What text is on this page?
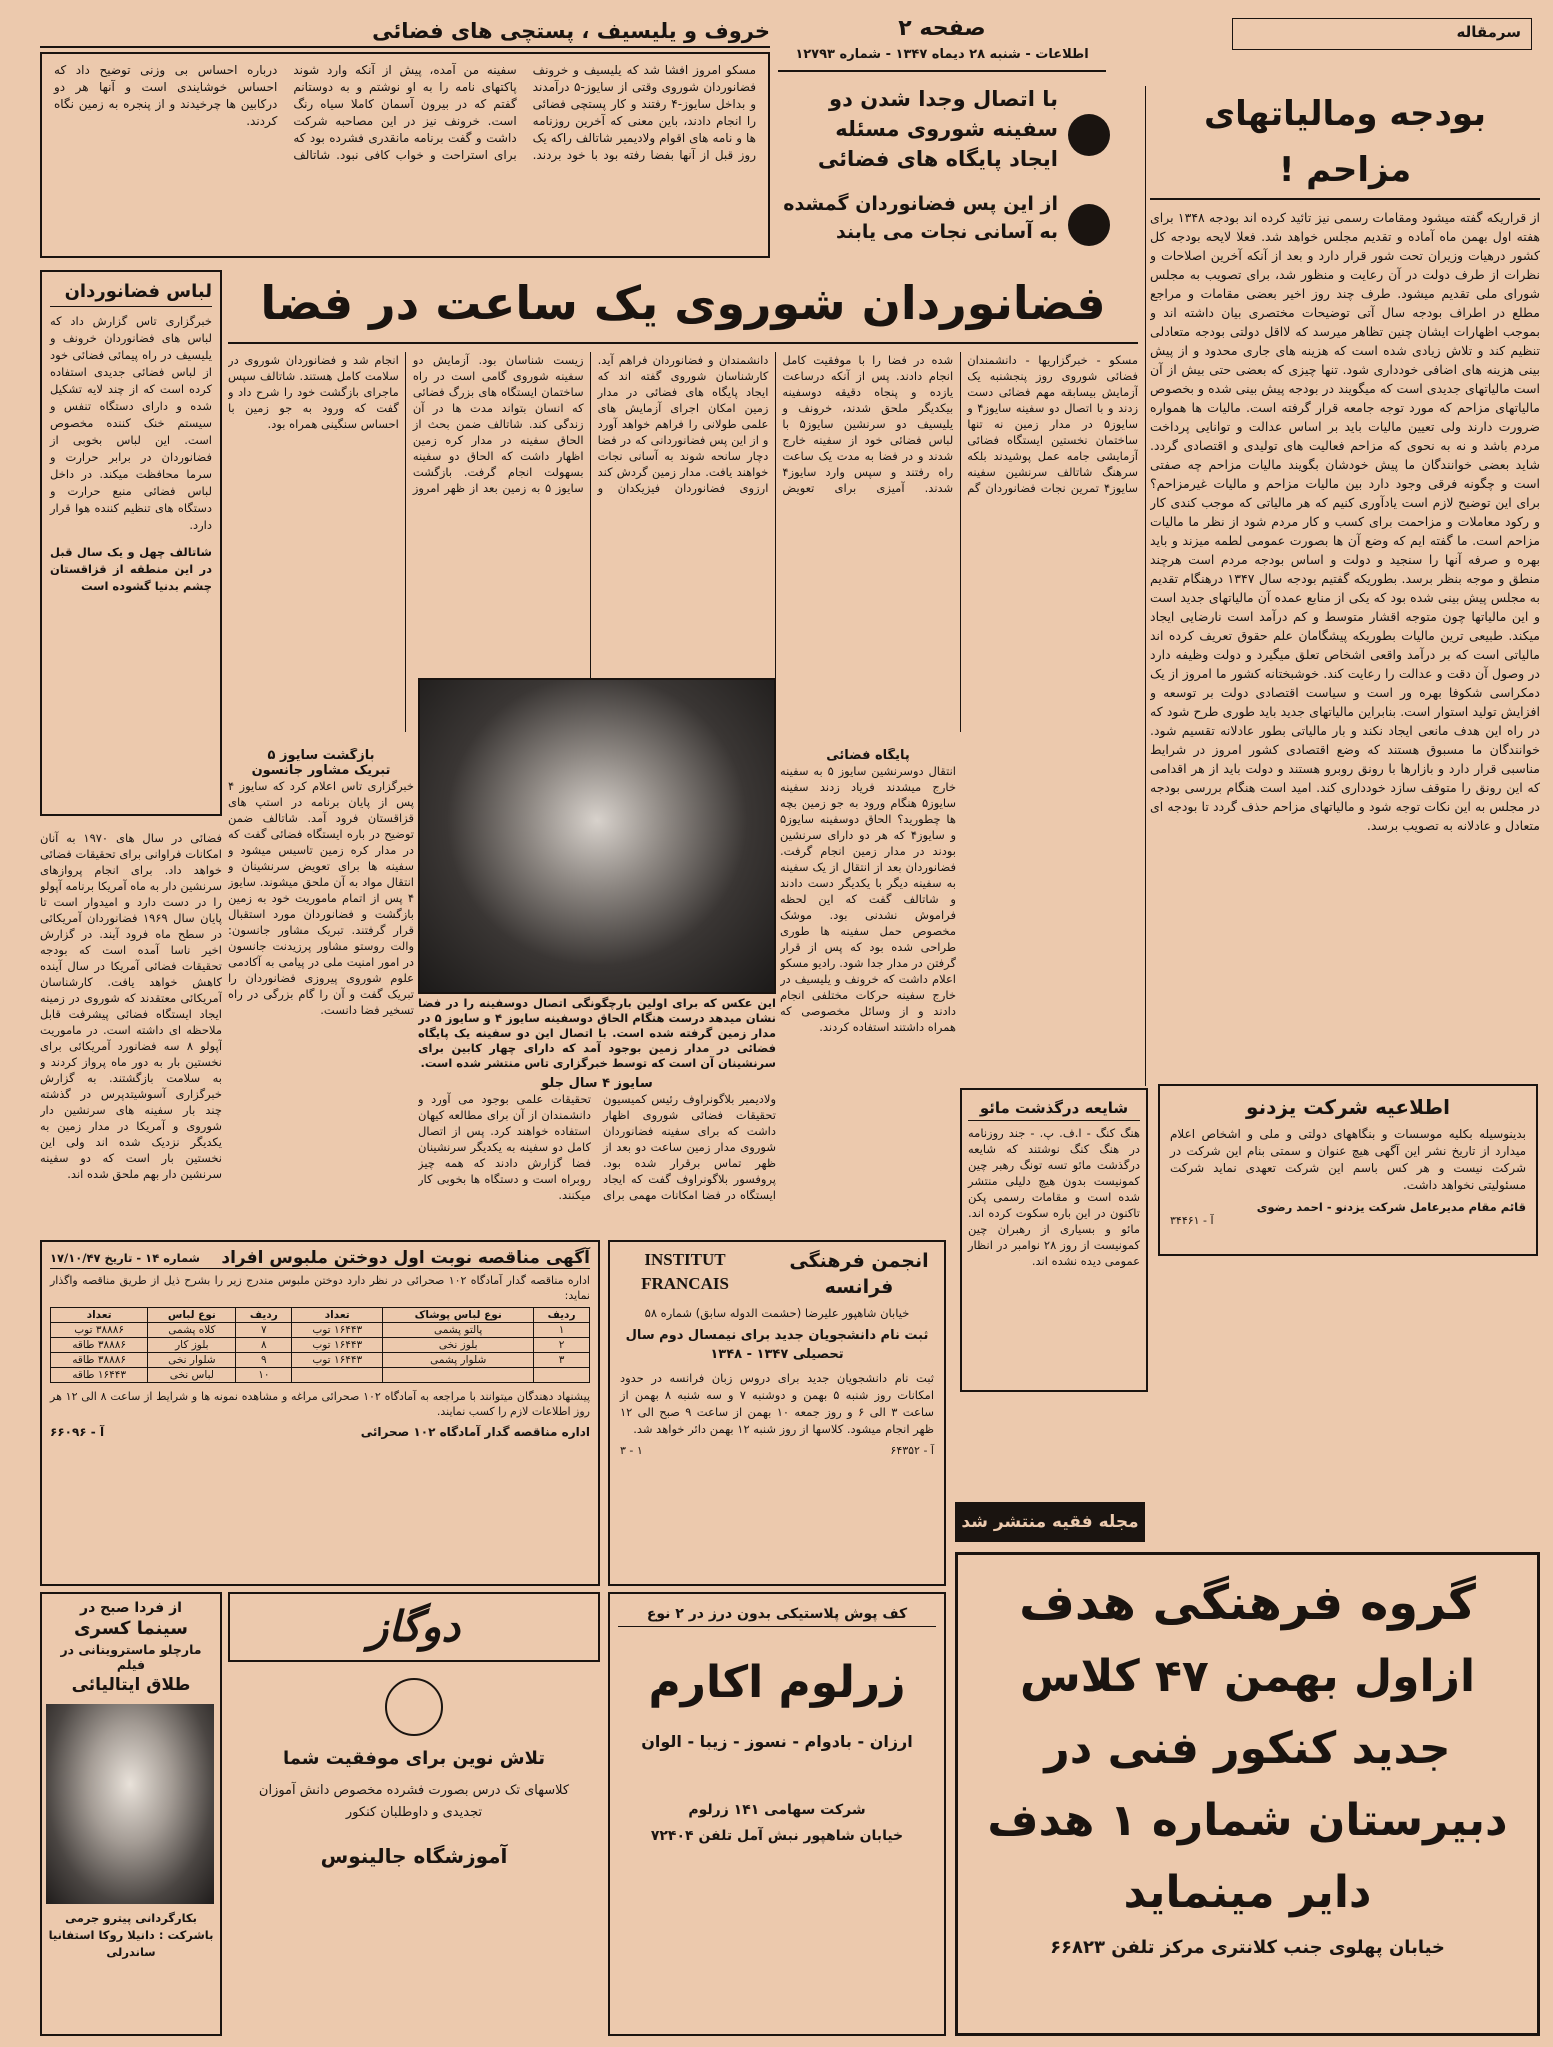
صفحه ۲
اطلاعات - شنبه ۲۸ دیماه ۱۳۴۷ - شماره ۱۲۷۹۳
سرمقاله
بودجه ومالیاتهای مزاحم !
از قراریکه گفته میشود ومقامات رسمی نیز تائید کرده اند بودجه ۱۳۴۸ برای هفته اول بهمن ماه آماده و تقدیم مجلس خواهد شد. فعلا لایحه بودجه کل کشور درهیات وزیران تحت شور قرار دارد و بعد از آنکه آخرین اصلاحات و نظرات از طرف دولت در آن رعایت و منظور شد، برای تصویب به مجلس شورای ملی تقدیم میشود. طرف چند روز اخیر بعضی مقامات و مراجع مطلع در اطراف بودجه سال آتی توضیحات مختصری بیان داشته اند و بموجب اظهارات ایشان چنین تظاهر میرسد که لااقل دولتی بودجه متعادلی تنظیم کند و تلاش زیادی شده است که هزینه های جاری محدود و از پیش بینی هزینه های اضافی خودداری شود. تنها چیزی که بعضی حتی بیش از آن است مالیاتهای جدیدی است که میگویند در بودجه پیش بینی شده و بخصوص مالیاتهای مزاحم که مورد توجه جامعه قرار گرفته است. مالیات ها همواره ضرورت دارند ولی تعیین مالیات باید بر اساس عدالت و توانایی پرداخت مردم باشد و نه به نحوی که مزاحم فعالیت های تولیدی و اقتصادی گردد. شاید بعضی خوانندگان ما پیش خودشان بگویند مالیات مزاحم چه صفتی است و چگونه فرقی وجود دارد بین مالیات مزاحم و مالیات غیرمزاحم؟ برای این توضیح لازم است یادآوری کنیم که هر مالیاتی که موجب کندی کار و رکود معاملات و مزاحمت برای کسب و کار مردم شود از نظر ما مالیات مزاحم است. ما گفته ایم که وضع آن ها بصورت عمومی لطمه میزند و باید بهره و صرفه آنها را سنجید و دولت و اساس بودجه مردم است هرچند منطق و موجه بنظر برسد. بطوریکه گفتیم بودجه سال ۱۳۴۷ درهنگام تقدیم به مجلس پیش بینی شده بود که یکی از منابع عمده آن مالیاتهای جدید است و این مالیاتها چون متوجه اقشار متوسط و کم درآمد است نارضایی ایجاد میکند. طبیعی ترین مالیات بطوریکه پیشگامان علم حقوق تعریف کرده اند مالیاتی است که بر درآمد واقعی اشخاص تعلق میگیرد و دولت وظیفه دارد در وصول آن دقت و عدالت را رعایت کند. خوشبختانه کشور ما امروز از یک دمکراسی شکوفا بهره ور است و سیاست اقتصادی دولت بر توسعه و افزایش تولید استوار است. بنابراین مالیاتهای جدید باید طوری طرح شود که در راه این هدف مانعی ایجاد نکند و بار مالیاتی بطور عادلانه تقسیم شود. خوانندگان ما مسبوق هستند که وضع اقتصادی کشور امروز در شرایط مناسبی قرار دارد و بازارها با رونق روبرو هستند و دولت باید از هر اقدامی که این رونق را متوقف سازد خودداری کند. امید است هنگام بررسی بودجه در مجلس به این نکات توجه شود و مالیاتهای مزاحم حذف گردد تا بودجه ای متعادل و عادلانه به تصویب برسد.
اطلاعیه شرکت یزدنو
بدینوسیله بکلیه موسسات و بنگاههای دولتی و ملی و اشخاص اعلام میدارد از تاریخ نشر این آگهی هیچ عنوان و سمتی بنام این شرکت در شرکت نیست و هر کس باسم این شرکت تعهدی نماید شرکت مسئولیتی نخواهد داشت.
قائم مقام مدیرعامل شرکت یزدنو - احمد رضوی
آ - ۳۴۴۶۱
مجله فقیه منتشر شد
خروف و یلیسیف ، پستچی های فضائی
مسکو امروز افشا شد که یلیسیف و خرونف فضانوردان شوروی وقتی از سایوز-۵ درآمدند و بداخل سایوز-۴ رفتند و کار پستچی فضائی را انجام دادند، باین معنی که آخرین روزنامه ها و نامه های اقوام ولادیمیر شاتالف راکه یک روز قبل از آنها بفضا رفته بود با خود بردند. سفینه من آمده، پیش از آنکه وارد شوند پاکتهای نامه را به او نوشتم و به دوستانم گفتم که در بیرون آسمان کاملا سیاه رنگ است. خرونف نیز در این مصاحبه شرکت داشت و گفت برنامه مانقدری فشرده بود که برای استراحت و خواب کافی نبود. شاتالف درباره احساس بی وزنی توضیح داد که احساس خوشایندی است و آنها هر دو درکابین ها چرخیدند و از پنجره به زمین نگاه کردند.
با اتصال وجدا شدن دو سفینه شوروی مسئله ایجاد پایگاه های فضائی
از این پس فضانوردان گمشده به آسانی نجات می یابند
لباس فضانوردان
خبرگزاری تاس گزارش داد که لباس های فضانوردان خرونف و یلیسیف در راه پیمائی فضائی خود از لباس فضائی جدیدی استفاده کرده است که از چند لایه تشکیل شده و دارای دستگاه تنفس و سیستم خنک کننده مخصوص است. این لباس بخوبی از فضانوردان در برابر حرارت و سرما محافظت میکند. در داخل لباس فضائی منبع حرارت و دستگاه های تنظیم کننده هوا قرار دارد.
شاتالف چهل و یک سال قبل در این منطقه از قزاقستان چشم بدنیا گشوده است
فضانوردان شوروی یک ساعت در فضا
مسکو - خبرگزاریها - دانشمندان فضائی شوروی روز پنجشنبه یک آزمایش بیسابقه مهم فضائی دست زدند و با اتصال دو سفینه سایوز۴ و سایوز۵ در مدار زمین نه تنها ساختمان نخستین ایستگاه فضائی آزمایشی جامه عمل پوشیدند بلکه سرهنگ شاتالف سرنشین سفینه سایوز۴ تمرین نجات فضانوردان گم شده در فضا را با موفقیت کامل انجام دادند. پس از آنکه درساعت یازده و پنجاه دقیقه دوسفینه بیکدیگر ملحق شدند، خرونف و یلیسیف دو سرنشین سایوز۵ با لباس فضائی خود از سفینه خارج شدند و در فضا به مدت یک ساعت راه رفتند و سپس وارد سایوز۴ شدند. آمیزی برای تعویض دانشمندان و فضانوردان فراهم آید. کارشناسان شوروی گفته اند که ایجاد پایگاه های فضائی در مدار زمین امکان اجرای آزمایش های علمی طولانی را فراهم خواهد آورد و از این پس فضانوردانی که در فضا دچار سانحه شوند به آسانی نجات خواهند یافت. مدار زمین گردش کند ارزوی فضانوردان فیزیکدان و زیست شناسان بود. آزمایش دو سفینه شوروی گامی است در راه ساختمان ایستگاه های بزرگ فضائی که انسان بتواند مدت ها در آن زندگی کند. شاتالف ضمن بحث از الحاق سفینه در مدار کره زمین اظهار داشت که الحاق دو سفینه بسهولت انجام گرفت. بازگشت سایوز ۵ به زمین بعد از ظهر امروز انجام شد و فضانوردان شوروی در سلامت کامل هستند. شاتالف سپس ماجرای بازگشت خود را شرح داد و گفت که ورود به جو زمین با احساس سنگینی همراه بود.
این عکس که برای اولین بارچگونگی اتصال دوسفینه را در فضا نشان میدهد درست هنگام الحاق دوسفینه سایوز ۴ و سایوز ۵ در مدار زمین گرفته شده است. با اتصال این دو سفینه یک پایگاه فضائی در مدار زمین بوجود آمد که دارای چهار کابین برای سرنشینان آن است که توسط خبرگزاری تاس منتشر شده است.
پایگاه فضائی
انتقال دوسرنشین سایوز ۵ به سفینه خارج میشدند فریاد زدند سفینه سایوز۵ هنگام ورود به جو زمین بچه ها چطورید؟ الحاق دوسفینه سایوز۵ و سایوز۴ که هر دو دارای سرنشین بودند در مدار زمین انجام گرفت. فضانوردان بعد از انتقال از یک سفینه به سفینه دیگر با یکدیگر دست دادند و شاتالف گفت که این لحظه فراموش نشدنی بود. موشک مخصوص حمل سفینه ها طوری طراحی شده بود که پس از قرار گرفتن در مدار جدا شود. رادیو مسکو اعلام داشت که خرونف و یلیسیف در خارج سفینه حرکات مختلفی انجام دادند و از وسائل مخصوصی که همراه داشتند استفاده کردند.
بازگشت سایوز ۵
تبریک مشاور جانسون
خبرگزاری تاس اعلام کرد که سایوز ۴ پس از پایان برنامه در استپ های قزاقستان فرود آمد. شاتالف ضمن توضیح در باره ایستگاه فضائی گفت که در مدار کره زمین تاسیس میشود و سفینه ها برای تعویض سرنشینان و انتقال مواد به آن ملحق میشوند. سایوز ۴ پس از اتمام ماموریت خود به زمین بازگشت و فضانوردان مورد استقبال قرار گرفتند. تبریک مشاور جانسون: والت روستو مشاور پرزیدنت جانسون در امور امنیت ملی در پیامی به آکادمی علوم شوروی پیروزی فضانوردان را تبریک گفت و آن را گام بزرگی در راه تسخیر فضا دانست.
سایوز ۴ سال جلو
ولادیمیر بلاگونراوف رئیس کمیسیون تحقیقات فضائی شوروی اظهار داشت که برای سفینه فضانوردان شوروی مدار زمین ساعت دو بعد از ظهر تماس برقرار شده بود. پروفسور بلاگونراوف گفت که ایجاد ایستگاه در فضا امکانات مهمی برای تحقیقات علمی بوجود می آورد و دانشمندان از آن برای مطالعه کیهان استفاده خواهند کرد. پس از اتصال کامل دو سفینه به یکدیگر سرنشینان فضا گزارش دادند که همه چیز روبراه است و دستگاه ها بخوبی کار میکنند.
شایعه درگذشت مائو
هنگ کنگ - ا.ف. پ. - جند روزنامه در هنگ کنگ نوشتند که شایعه درگذشت مائو تسه تونگ رهبر چین کمونیست بدون هیچ دلیلی منتشر شده است و مقامات رسمی پکن تاکنون در این باره سکوت کرده اند. مائو و بسیاری از رهبران چین کمونیست از روز ۲۸ نوامبر در انظار عمومی دیده نشده اند.
فضائی در سال های ۱۹۷۰ به آنان امکانات فراوانی برای تحقیقات فضائی خواهد داد. برای انجام پروازهای سرنشین دار به ماه آمریکا برنامه آپولو را در دست دارد و امیدوار است تا پایان سال ۱۹۶۹ فضانوردان آمریکائی در سطح ماه فرود آیند. در گزارش اخیر ناسا آمده است که بودجه تحقیقات فضائی آمریکا در سال آینده کاهش خواهد یافت. کارشناسان آمریکائی معتقدند که شوروی در زمینه ایجاد ایستگاه فضائی پیشرفت قابل ملاحظه ای داشته است. در ماموریت آپولو ۸ سه فضانورد آمریکائی برای نخستین بار به دور ماه پرواز کردند و به سلامت بازگشتند. به گزارش خبرگزاری آسوشیتدپرس در گذشته چند بار سفینه های سرنشین دار شوروی و آمریکا در مدار زمین به یکدیگر نزدیک شده اند ولی این نخستین بار است که دو سفینه سرنشین دار بهم ملحق شده اند.
آگهی مناقصه نوبت اول دوختن ملبوس افراد
شماره ۱۴ - تاریخ ۱۷/۱۰/۴۷
اداره مناقصه گدار آمادگاه ۱۰۲ صحرائی در نظر دارد دوختن ملبوس مندرج زیر را بشرح ذیل از طریق مناقصه واگذار نماید:
ردیف	نوع لباس پوشاک	تعداد	ردیف	نوع لباس	تعداد
۱	پالتو پشمی	۱۶۴۴۳ توب	۷	کلاه پشمی	۳۸۸۸۶ توب
۲	بلوز نخی	۱۶۴۴۳ توب	۸	بلوز کار	۳۸۸۸۶ طاقه
۳	شلوار پشمی	۱۶۴۴۳ توب	۹	شلوار نخی	۳۸۸۸۶ طاقه
			۱۰	لباس نخی	۱۶۴۴۳ طاقه
پیشنهاد دهندگان میتوانند با مراجعه به آمادگاه ۱۰۲ صحرائی مراغه و مشاهده نمونه ها و شرایط از ساعت ۸ الی ۱۲ هر روز اطلاعات لازم را کسب نمایند.
اداره مناقصه گدار آمادگاه ۱۰۲ صحرائی
آ - ۶۶۰۹۶
انجمن فرهنگی فرانسه
INSTITUT FRANCAIS
خیابان شاهپور علیرضا (حشمت الدوله سابق) شماره ۵۸
ثبت نام دانشجویان جدید برای نیمسال دوم سال تحصیلی ۱۳۴۷ - ۱۳۴۸
ثبت نام دانشجویان جدید برای دروس زبان فرانسه در حدود امکانات روز شنبه ۵ بهمن و دوشنبه ۷ و سه شنبه ۸ بهمن از ساعت ۳ الی ۶ و روز جمعه ۱۰ بهمن از ساعت ۹ صبح الی ۱۲ ظهر انجام میشود. کلاسها از روز شنبه ۱۲ بهمن دائر خواهد شد.
آ - ۶۴۳۵۲
۱ - ۳
گروه فرهنگی هدف
ازاول بهمن ۴۷ کلاس
جدید کنکور فنی در
دبیرستان شماره ۱ هدف
دایر مینماید
خیابان پهلوی جنب کلانتری مرکز تلفن ۶۶۸۲۳
از فردا صبح در
سینما کسری
مارچلو ماستروینانی در فیلم
طلاق ایتالیائی
بکارگردانی پیترو جرمی باشرکت : دانیلا روکا استفانیا ساندرلی
دوگاز
تلاش نوین برای موفقیت شما
کلاسهای تک درس بصورت فشرده مخصوص دانش آموزان تجدیدی و داوطلبان کنکور
آموزشگاه جالینوس
کف پوش پلاستیکی بدون درز در ۲ نوع
زرلوم اکارم
ارزان - بادوام - نسوز - زیبا - الوان
شرکت سهامی ۱۴۱ زرلوم
خیابان شاهپور نبش آمل تلفن ۷۲۴۰۴
